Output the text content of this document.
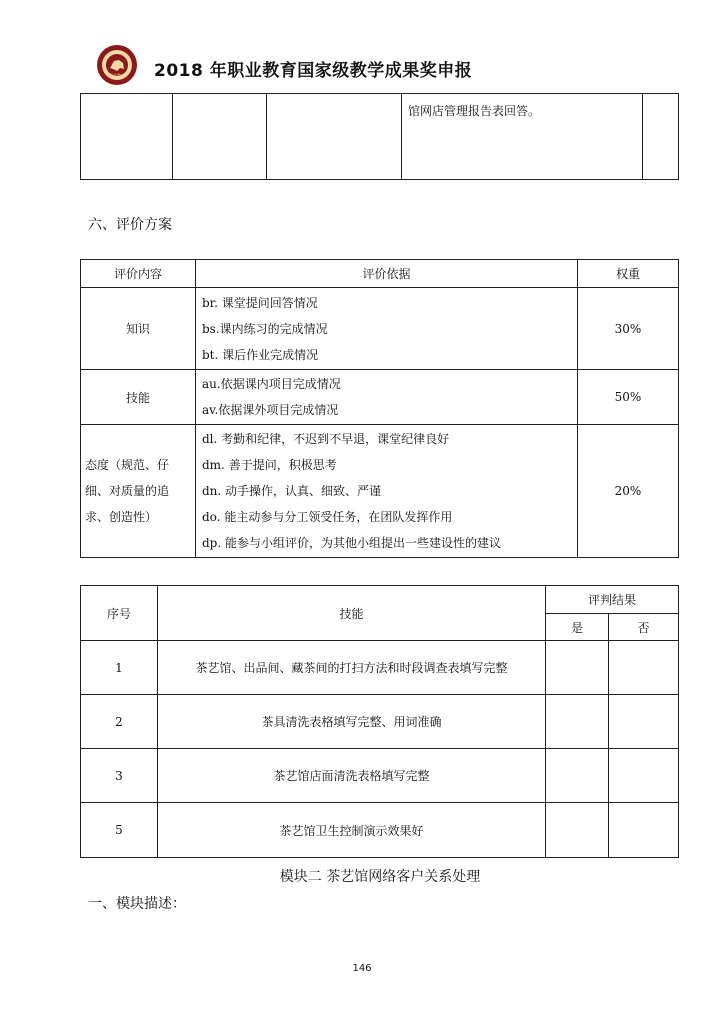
职业教育 2018 年职业教育国家级教学成果奖申报
			馆网店管理报告表回答。	
六、评价方案
评价内容	评价依据	权重
知识	br. 课堂提问回答情况
bs.课内练习的完成情况
bt. 课后作业完成情况	30%
技能	au.依据课内项目完成情况
av.依据课外项目完成情况	50%
态度（规范、仔细、对质量的追求、创造性）	dl. 考勤和纪律，不迟到不早退，课堂纪律良好
dm. 善于提问，积极思考
dn. 动手操作，认真、细致、严谨
do. 能主动参与分工领受任务，在团队发挥作用
dp. 能参与小组评价，为其他小组提出一些建设性的建议	20%
序号	技能	评判结果	
		是	否
1	茶艺馆、出品间、藏茶间的打扫方法和时段调查表填写完整		
2	茶具清洗表格填写完整、用词准确		
3	茶艺馆店面清洗表格填写完整		
5	茶艺馆卫生控制演示效果好		
模块二 茶艺馆网络客户关系处理
一、模块描述：
146
